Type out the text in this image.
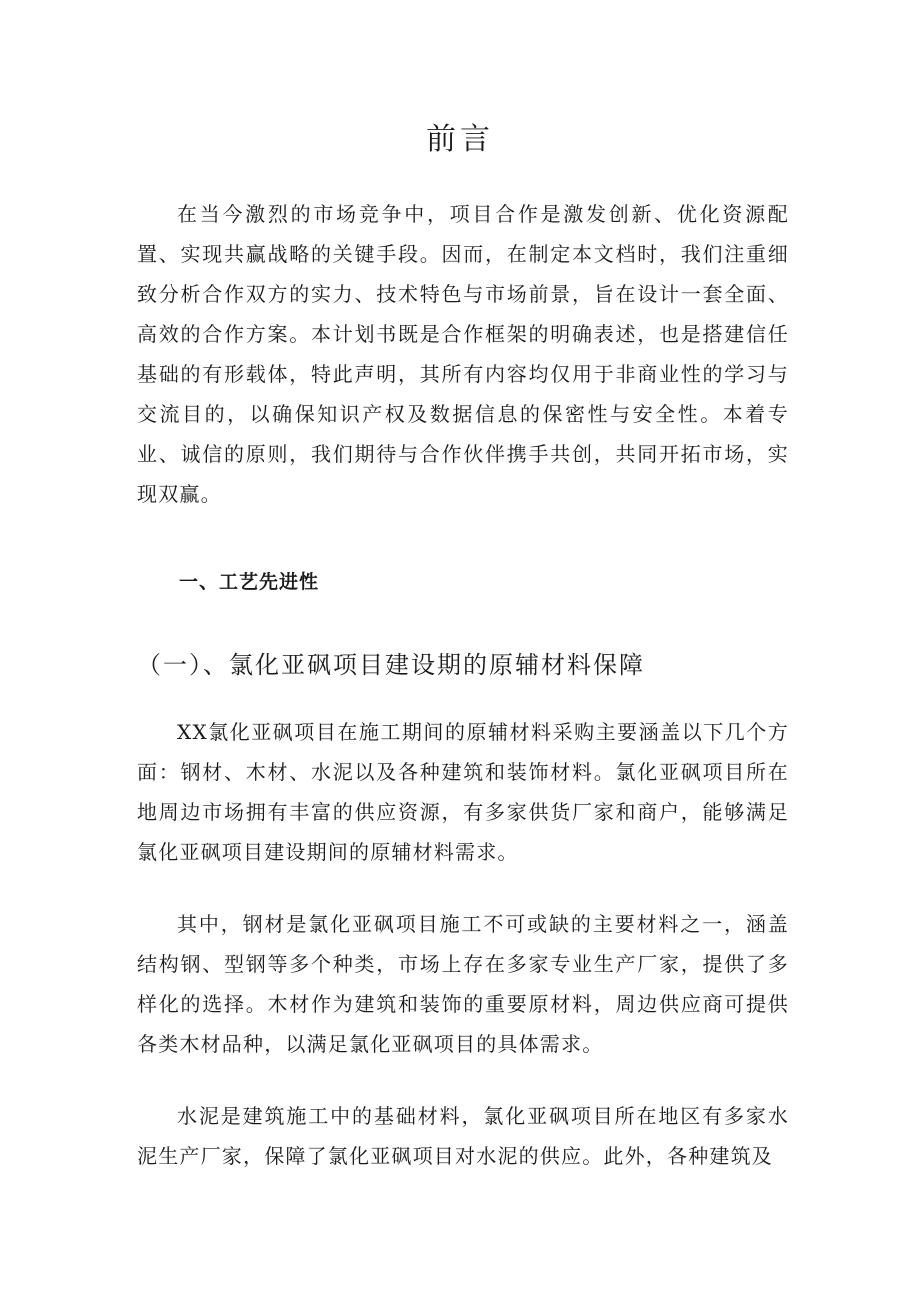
前言

在当今激烈的市场竞争中，项目合作是激发创新、优化资源配置、实现共赢战略的关键手段。因而，在制定本文档时，我们注重细致分析合作双方的实力、技术特色与市场前景，旨在设计一套全面、高效的合作方案。本计划书既是合作框架的明确表述，也是搭建信任基础的有形载体，特此声明，其所有内容均仅用于非商业性的学习与交流目的，以确保知识产权及数据信息的保密性与安全性。本着专业、诚信的原则，我们期待与合作伙伴携手共创，共同开拓市场，实现双赢。

一、工艺先进性
（一）、氯化亚砜项目建设期的原辅材料保障

XX氯化亚砜项目在施工期间的原辅材料采购主要涵盖以下几个方面：钢材、木材、水泥以及各种建筑和装饰材料。氯化亚砜项目所在地周边市场拥有丰富的供应资源，有多家供货厂家和商户，能够满足氯化亚砜项目建设期间的原辅材料需求。

其中，钢材是氯化亚砜项目施工不可或缺的主要材料之一，涵盖结构钢、型钢等多个种类，市场上存在多家专业生产厂家，提供了多样化的选择。木材作为建筑和装饰的重要原材料，周边供应商可提供各类木材品种，以满足氯化亚砜项目的具体需求。

水泥是建筑施工中的基础材料，氯化亚砜项目所在地区有多家水泥生产厂家，保障了氯化亚砜项目对水泥的供应。此外，各种建筑及
